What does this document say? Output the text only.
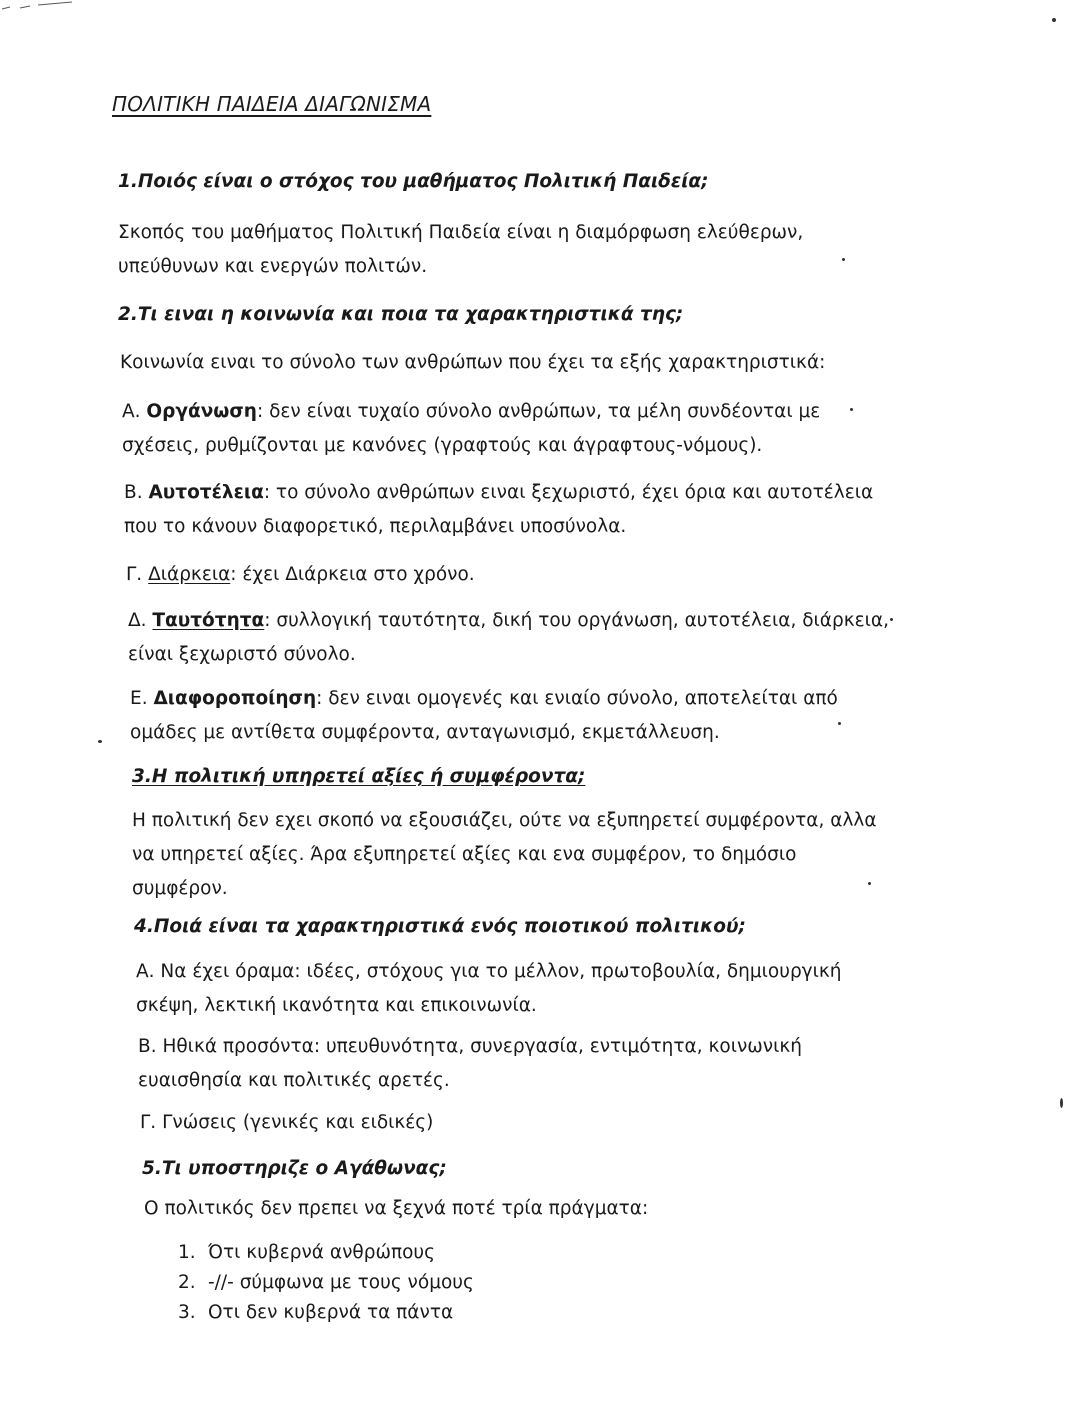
ΠΟΛΙΤΙΚΗ ΠΑΙΔΕΙΑ ΔΙΑΓΩΝΙΣΜΑ
1.Ποιός είναι ο στόχος του μαθήματος Πολιτική Παιδεία;
Σκοπός του μαθήματος Πολιτική Παιδεία είναι η διαμόρφωση ελεύθερων,
υπεύθυνων και ενεργών πολιτών.
2.Τι ειναι η κοινωνία και ποια τα χαρακτηριστικά της;
Κοινωνία ειναι το σύνολο των ανθρώπων που έχει τα εξής χαρακτηριστικά:
Α. Οργάνωση: δεν είναι τυχαίο σύνολο ανθρώπων, τα μέλη συνδέονται με
σχέσεις, ρυθμίζονται με κανόνες (γραφτούς και άγραφτους-νόμους).
Β. Αυτοτέλεια: το σύνολο ανθρώπων ειναι ξεχωριστό, έχει όρια και αυτοτέλεια
που το κάνουν διαφορετικό, περιλαμβάνει υποσύνολα.
Γ. Διάρκεια: έχει Διάρκεια στο χρόνο.
Δ. Ταυτότητα: συλλογική ταυτότητα, δική του οργάνωση, αυτοτέλεια, διάρκεια,
είναι ξεχωριστό σύνολο.
Ε. Διαφοροποίηση: δεν ειναι ομογενές και ενιαίο σύνολο, αποτελείται από
ομάδες με αντίθετα συμφέροντα, ανταγωνισμό, εκμετάλλευση.
3.Η πολιτική υπηρετεί αξίες ή συμφέροντα;
Η πολιτική δεν εχει σκοπό να εξουσιάζει, ούτε να εξυπηρετεί συμφέροντα, αλλα
να υπηρετεί αξίες. Άρα εξυπηρετεί αξίες και ενα συμφέρον, το δημόσιο
συμφέρον.
4.Ποιά είναι τα χαρακτηριστικά ενός ποιοτικού πολιτικού;
Α. Να έχει όραμα: ιδέες, στόχους για το μέλλον, πρωτοβουλία, δημιουργική
σκέψη, λεκτική ικανότητα και επικοινωνία.
Β. Ηθικά προσόντα: υπευθυνότητα, συνεργασία, εντιμότητα, κοινωνική
ευαισθησία και πολιτικές αρετές.
Γ. Γνώσεις (γενικές και ειδικές)
5.Τι υποστηριζε ο Αγάθωνας;
Ο πολιτικός δεν πρεπει να ξεχνά ποτέ τρία πράγματα:
1. Ότι κυβερνά ανθρώπους
2. -//- σύμφωνα με τους νόμους
3. Οτι δεν κυβερνά τα πάντα
